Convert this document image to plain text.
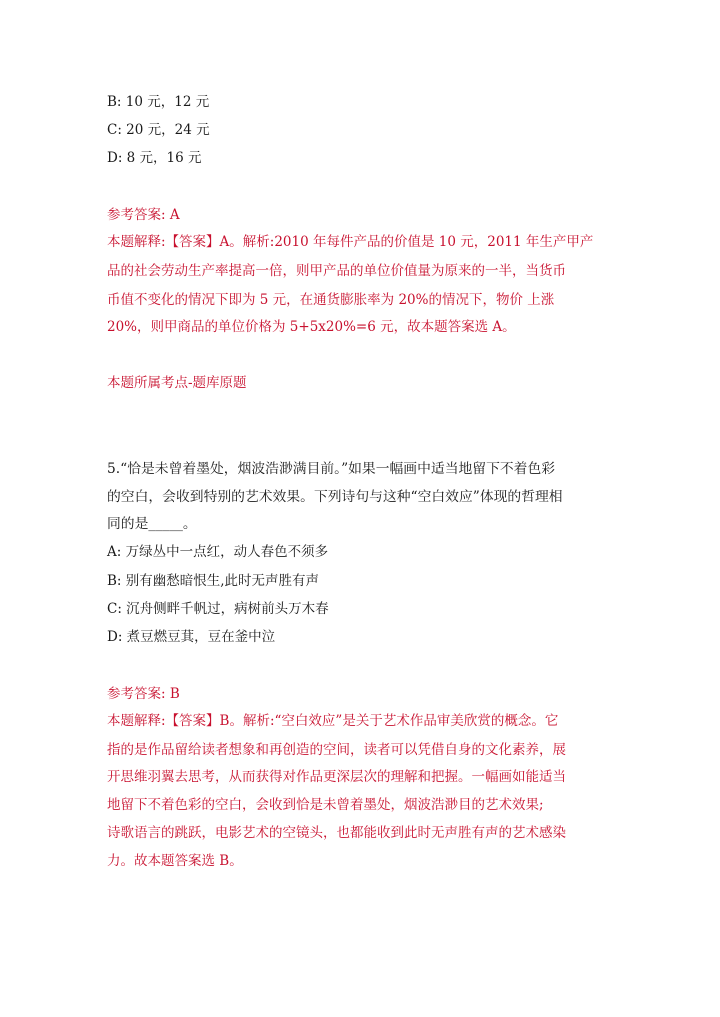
B: 10 元，12 元
C: 20 元，24 元
D: 8 元，16 元
参考答案: A
本题解释:【答案】A。解析:2010 年每件产品的价值是 10 元，2011 年生产甲产
品的社会劳动生产率提高一倍，则甲产品的单位价值量为原来的一半，当货币
币值不变化的情况下即为 5 元，在通货膨胀率为 20%的情况下，物价 上涨
20%，则甲商品的单位价格为 5+5x20%=6 元，故本题答案选 A。
本题所属考点-题库原题
5.“恰是未曾着墨处，烟波浩渺满目前。”如果一幅画中适当地留下不着色彩
的空白，会收到特别的艺术效果。下列诗句与这种“空白效应”体现的哲理相
同的是_____。
A: 万绿丛中一点红，动人春色不须多
B: 别有幽愁暗恨生,此时无声胜有声
C: 沉舟侧畔千帆过，病树前头万木春
D: 煮豆燃豆萁，豆在釜中泣
参考答案: B
本题解释:【答案】B。解析:“空白效应”是关于艺术作品审美欣赏的概念。它
指的是作品留给读者想象和再创造的空间，读者可以凭借自身的文化素养，展
开思维羽翼去思考，从而获得对作品更深层次的理解和把握。一幅画如能适当
地留下不着色彩的空白，会收到恰是未曾着墨处，烟波浩渺目的艺术效果;
诗歌语言的跳跃，电影艺术的空镜头，也都能收到此时无声胜有声的艺术感染
力。故本题答案选 B。
